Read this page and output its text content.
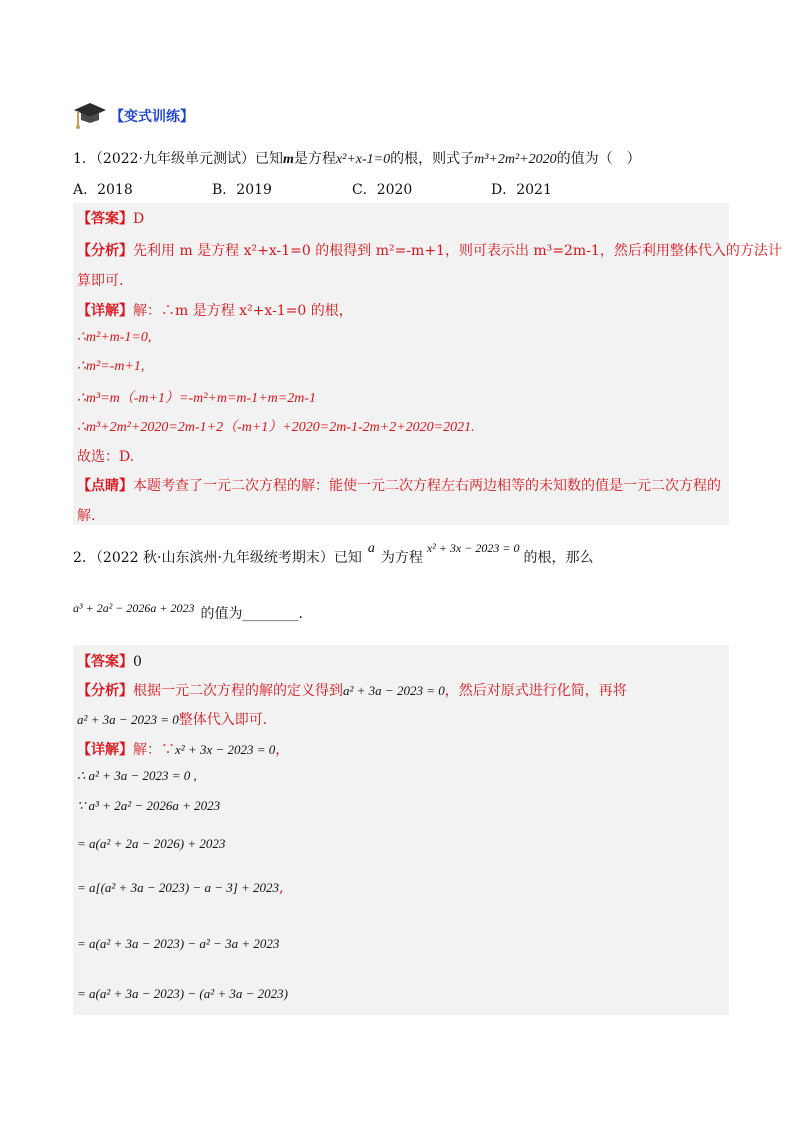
【变式训练】
1．（2022·九年级单元测试）已知m是方程x²+x-1=0的根，则式子m³+2m²+2020的值为（　）
A．2018	B．2019	C．2020	D．2021
【答案】D
【分析】先利用 m 是方程 x²+x-1=0 的根得到 m²=-m+1，则可表示出 m³=2m-1，然后利用整体代入的方法计
算即可.
【详解】解：∴m 是方程 x²+x-1=0 的根，
∴m²+m-1=0,
∴m²=-m+1,
∴m³=m（-m+1）=-m²+m=m-1+m=2m-1
∴m³+2m²+2020=2m-1+2（-m+1）+2020=2m-1-2m+2+2020=2021.
故选：D.
【点睛】本题考查了一元二次方程的解：能使一元二次方程左右两边相等的未知数的值是一元二次方程的
解.
2．（2022 秋·山东滨州·九年级统考期末）已知a为方程x² + 3x − 2023 = 0的根，那么
a³ + 2a² − 2026a + 2023 的值为________.
【答案】0
【分析】根据一元二次方程的解的定义得到a² + 3a − 2023 = 0，然后对原式进行化简，再将
a² + 3a − 2023 = 0整体代入即可.
【详解】解：∵x² + 3x − 2023 = 0，
∴ a² + 3a − 2023 = 0 ,
∵ a³ + 2a² − 2026a + 2023
= a(a² + 2a − 2026) + 2023
= a[(a² + 3a − 2023) − a − 3] + 2023,
= a(a² + 3a − 2023) − a² − 3a + 2023
= a(a² + 3a − 2023) − (a² + 3a − 2023)
